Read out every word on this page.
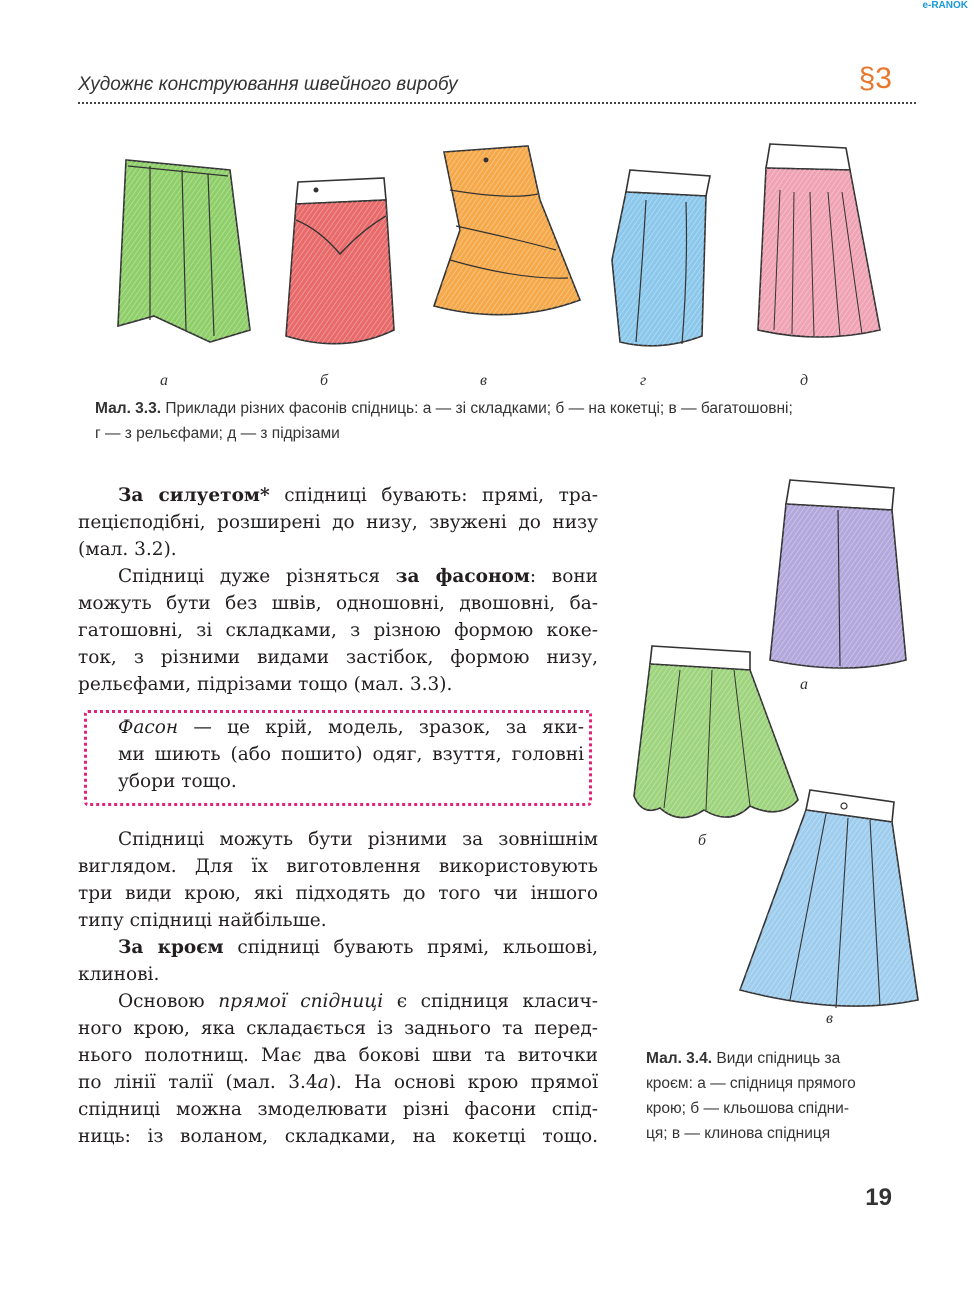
e-RANOK
Художнє конструювання швейного виробу	§3
а	б	в	г	д
Мал. 3.3. Приклади різних фасонів спідниць: а — зі складками; б — на кокетці; в — багатошовні;
г — з рельєфами; д — з підрізами
За силуетом* спідниці бувають: прямі, тра-
пецієподібні, розширені до низу, звужені до низу
(мал. 3.2).
Спідниці дуже різняться за фасоном: вони
можуть бути без швів, одношовні, двошовні, ба-
гатошовні, зі складками, з різною формою коке-
ток, з різними видами застібок, формою низу,
рельєфами, підрізами тощо (мал. 3.3).
Фасон — це крій, модель, зразок, за яки-
ми шиють (або пошито) одяг, взуття, головні
убори тощо.
Спідниці можуть бути різними за зовнішнім
виглядом. Для їх виготовлення використовують
три види крою, які підходять до того чи іншого
типу спідниці найбільше.
За кроєм спідниці бувають прямі, кльошові,
клинові.
Основою прямої спідниці є спідниця класич-
ного крою, яка складається із заднього та перед-
нього полотнищ. Має два бокові шви та виточки
по лінії талії (мал. 3.4а). На основі крою прямої
спідниці можна змоделювати різні фасони спід-
ниць: із воланом, складками, на кокетці тощо.
а
б
в
Мал. 3.4. Види спідниць за
кроєм: а — спідниця прямого
крою; б — кльошова спідни-
ця; в — клинова спідниця
19
